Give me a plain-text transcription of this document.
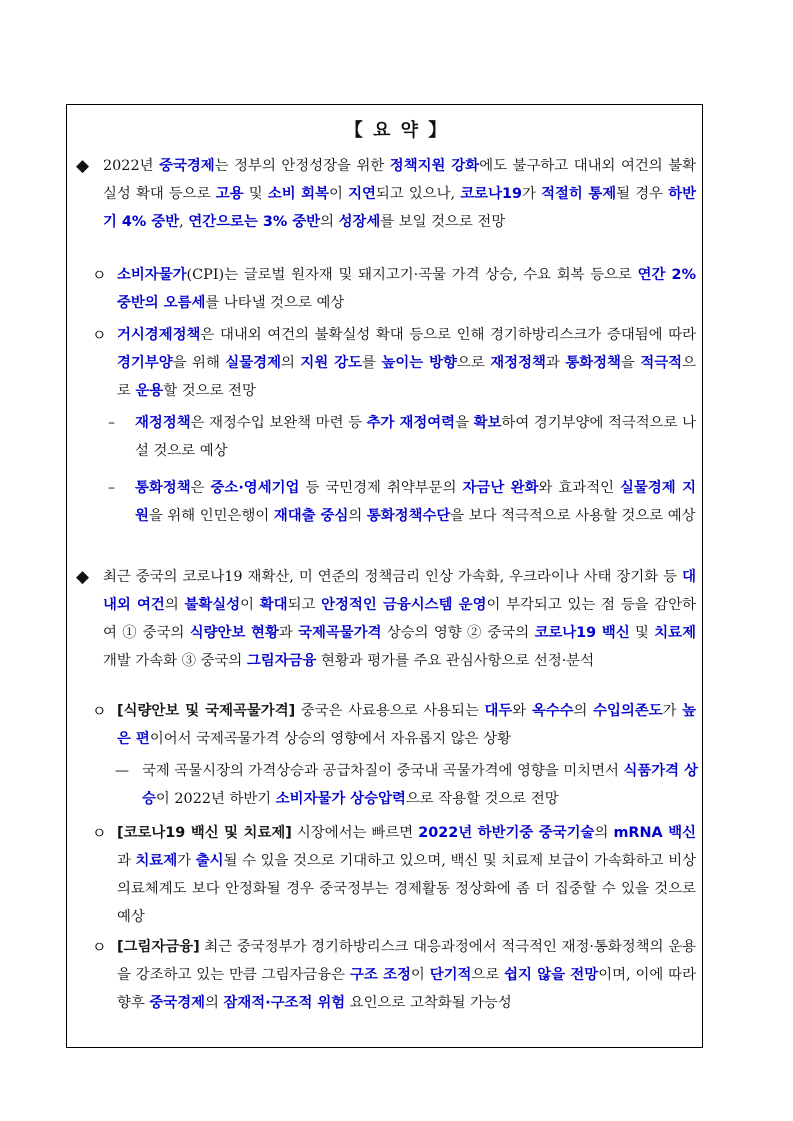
【 요 약 】
◆ 2022년 중국경제는 정부의 안정성장을 위한 정책지원 강화에도 불구하고 대내외 여건의 불확실성 확대 등으로 고용 및 소비 회복이 지연되고 있으나, 코로나19가 적절히 통제될 경우 하반기 4% 중반, 연간으로는 3% 중반의 성장세를 보일 것으로 전망
ㅇ 소비자물가(CPI)는 글로벌 원자재 및 돼지고기·곡물 가격 상승, 수요 회복 등으로 연간 2% 중반의 오름세를 나타낼 것으로 예상
ㅇ 거시경제정책은 대내외 여건의 불확실성 확대 등으로 인해 경기하방리스크가 증대됨에 따라 경기부양을 위해 실물경제의 지원 강도를 높이는 방향으로 재정정책과 통화정책을 적극적으로 운용할 것으로 전망
– 재정정책은 재정수입 보완책 마련 등 추가 재정여력을 확보하여 경기부양에 적극적으로 나설 것으로 예상
– 통화정책은 중소·영세기업 등 국민경제 취약부문의 자금난 완화와 효과적인 실물경제 지원을 위해 인민은행이 재대출 중심의 통화정책수단을 보다 적극적으로 사용할 것으로 예상
◆ 최근 중국의 코로나19 재확산, 미 연준의 정책금리 인상 가속화, 우크라이나 사태 장기화 등 대내외 여건의 불확실성이 확대되고 안정적인 금융시스템 운영이 부각되고 있는 점 등을 감안하여 ① 중국의 식량안보 현황과 국제곡물가격 상승의 영향 ② 중국의 코로나19 백신 및 치료제 개발 가속화 ③ 중국의 그림자금융 현황과 평가를 주요 관심사항으로 선정·분석
ㅇ [식량안보 및 국제곡물가격] 중국은 사료용으로 사용되는 대두와 옥수수의 수입의존도가 높은 편이어서 국제곡물가격 상승의 영향에서 자유롭지 않은 상황
— 국제 곡물시장의 가격상승과 공급차질이 중국내 곡물가격에 영향을 미치면서 식품가격 상승이 2022년 하반기 소비자물가 상승압력으로 작용할 것으로 전망
ㅇ [코로나19 백신 및 치료제] 시장에서는 빠르면 2022년 하반기중 중국기술의 mRNA 백신과 치료제가 출시될 수 있을 것으로 기대하고 있으며, 백신 및 치료제 보급이 가속화하고 비상의료체계도 보다 안정화될 경우 중국정부는 경제활동 정상화에 좀 더 집중할 수 있을 것으로 예상
ㅇ [그림자금융] 최근 중국정부가 경기하방리스크 대응과정에서 적극적인 재정·통화정책의 운용을 강조하고 있는 만큼 그림자금융은 구조 조정이 단기적으로 쉽지 않을 전망이며, 이에 따라 향후 중국경제의 잠재적·구조적 위험 요인으로 고착화될 가능성
